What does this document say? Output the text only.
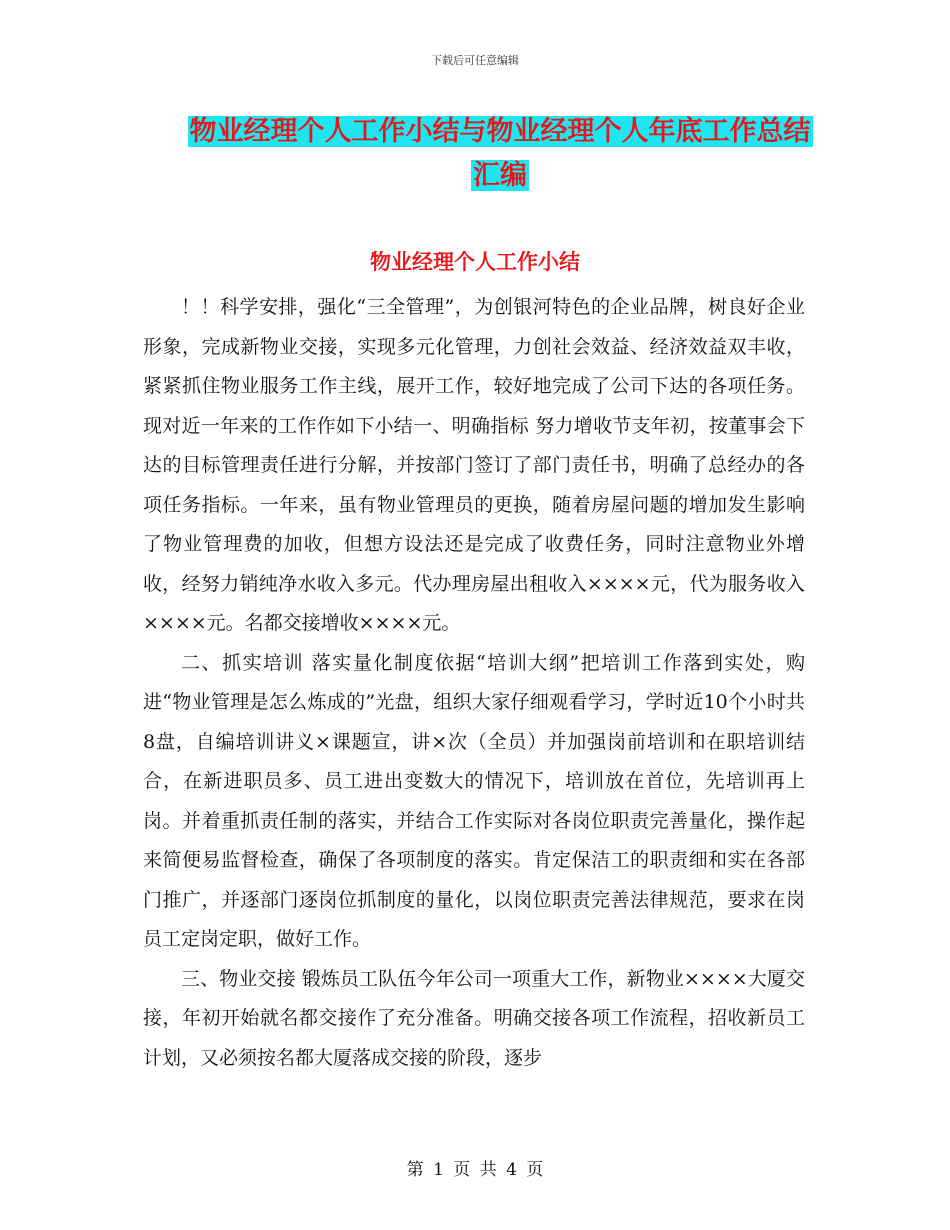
下载后可任意编辑
物业经理个人工作小结与物业经理个人年底工作总结
汇编
物业经理个人工作小结

！！科学安排，强化“三全管理”，为创银河特色的企业品牌，树良好企业形象，完成新物业交接，实现多元化管理，力创社会效益、经济效益双丰收，紧紧抓住物业服务工作主线，展开工作，较好地完成了公司下达的各项任务。现对近一年来的工作作如下小结一、明确指标 努力增收节支年初，按董事会下达的目标管理责任进行分解，并按部门签订了部门责任书，明确了总经办的各项任务指标。一年来，虽有物业管理员的更换，随着房屋问题的增加发生影响了物业管理费的加收，但想方设法还是完成了收费任务，同时注意物业外增收，经努力销纯净水收入多元。代办理房屋出租收入××××元，代为服务收入××××元。名都交接增收××××元。

二、抓实培训 落实量化制度依据“培训大纲”把培训工作落到实处，购进“物业管理是怎么炼成的”光盘，组织大家仔细观看学习，学时近10个小时共8盘，自编培训讲义×课题宣，讲×次（全员）并加强岗前培训和在职培训结合，在新进职员多、员工进出变数大的情况下，培训放在首位，先培训再上岗。并着重抓责任制的落实，并结合工作实际对各岗位职责完善量化，操作起来简便易监督检查，确保了各项制度的落实。肯定保洁工的职责细和实在各部门推广，并逐部门逐岗位抓制度的量化，以岗位职责完善法律规范，要求在岗员工定岗定职，做好工作。

三、物业交接 锻炼员工队伍今年公司一项重大工作，新物业××××大厦交接，年初开始就名都交接作了充分准备。明确交接各项工作流程，招收新员工计划，又必须按名都大厦落成交接的阶段，逐步

第 1 页 共 4 页
